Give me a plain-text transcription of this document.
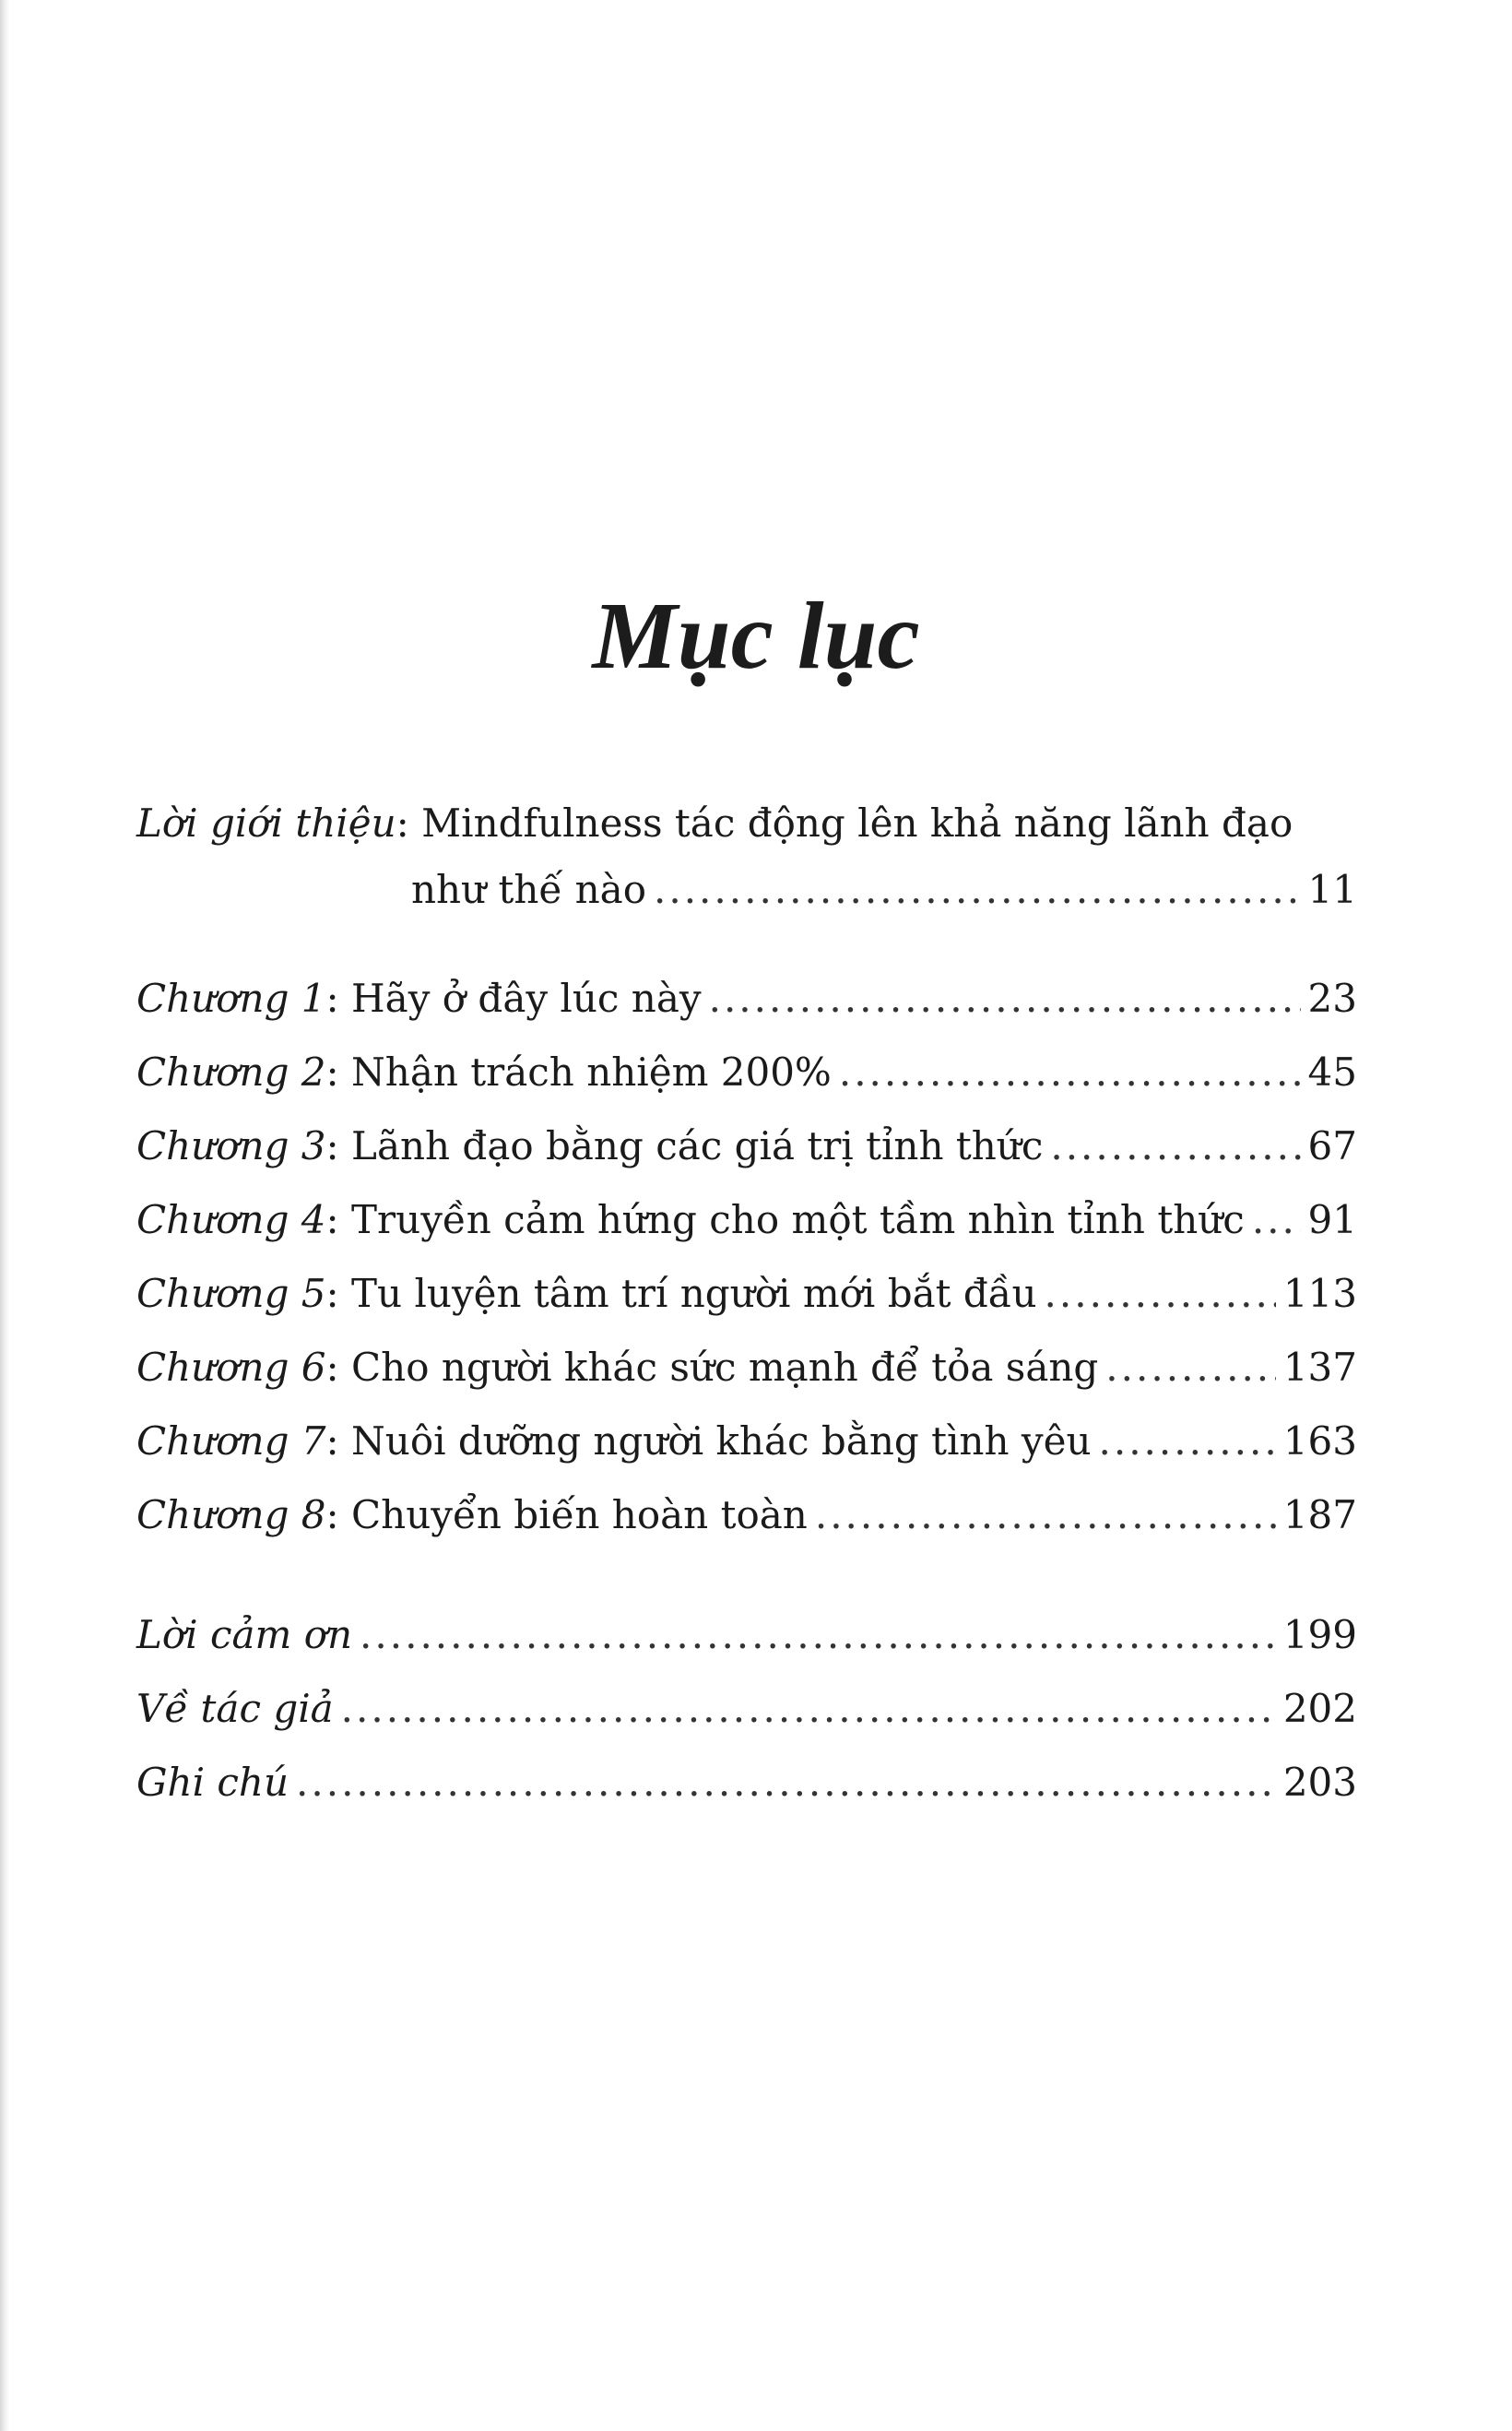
Mục lục
Lời giới thiệu: Mindfulness tác động lên khả năng lãnh đạo
như thế nào .....	11
Chương 1: Hãy ở đây lúc này .....	23
Chương 2: Nhận trách nhiệm 200% .....	45
Chương 3: Lãnh đạo bằng các giá trị tỉnh thức .....	67
Chương 4: Truyền cảm hứng cho một tầm nhìn tỉnh thức ..... 91
Chương 5: Tu luyện tâm trí người mới bắt đầu .....	113
Chương 6: Cho người khác sức mạnh để tỏa sáng .....	137
Chương 7: Nuôi dưỡng người khác bằng tình yêu .....	163
Chương 8: Chuyển biến hoàn toàn .....	187
Lời cảm ơn .....	199
Về tác giả .....	202
Ghi chú .....	203
